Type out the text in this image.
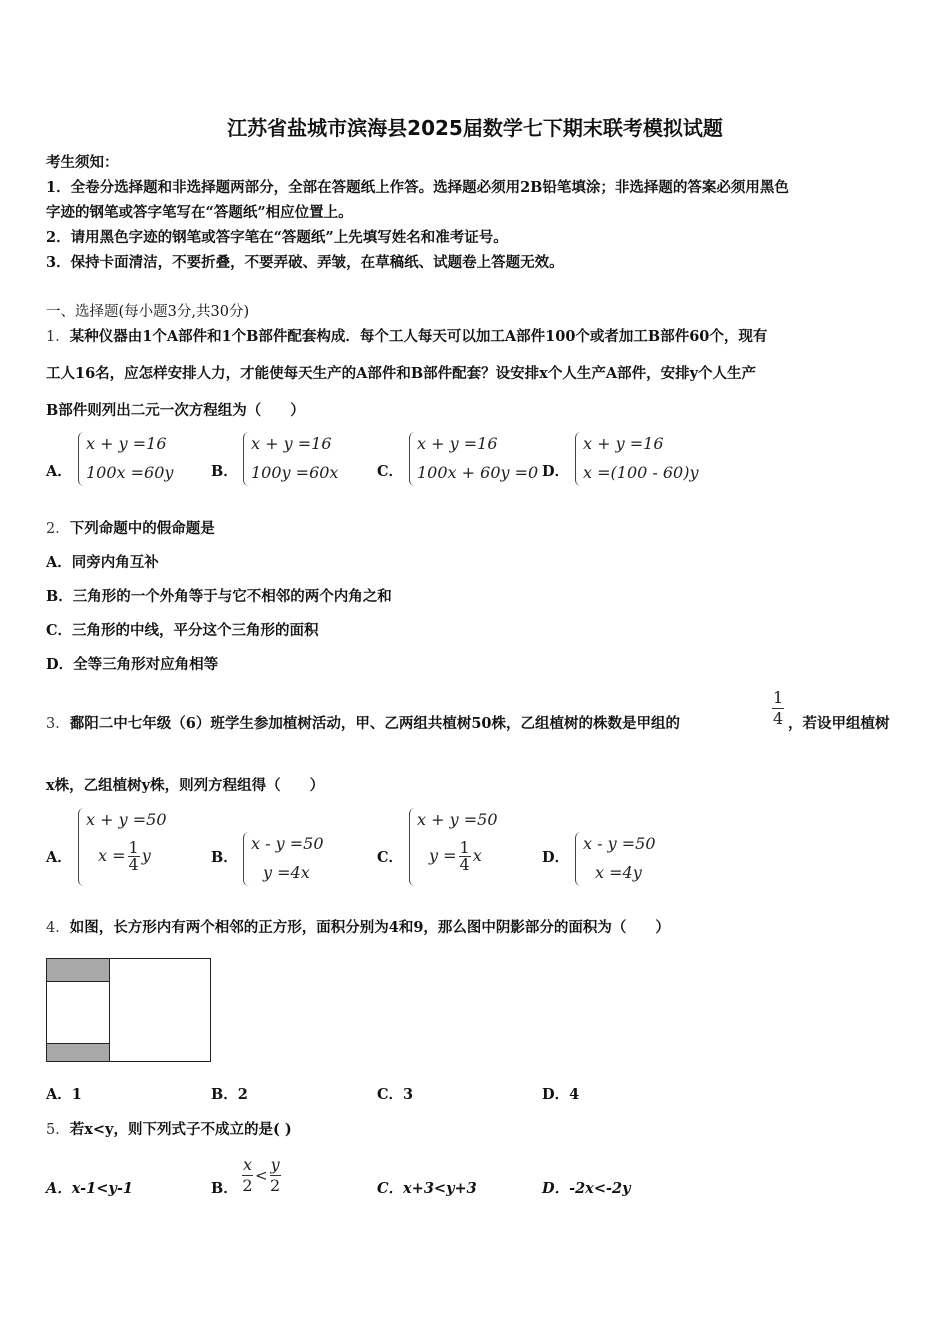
江苏省盐城市滨海县2025届数学七下期末联考模拟试题
考生须知：
1．全卷分选择题和非选择题两部分，全部在答题纸上作答。选择题必须用2B铅笔填涂；非选择题的答案必须用黑色
字迹的钢笔或答字笔写在“答题纸”相应位置上。
2．请用黑色字迹的钢笔或答字笔在“答题纸”上先填写姓名和准考证号。
3．保持卡面清洁，不要折叠，不要弄破、弄皱，在草稿纸、试题卷上答题无效。
一、选择题(每小题3分,共30分)
1．某种仪器由1个A部件和1个B部件配套构成．每个工人每天可以加工A部件100个或者加工B部件60个，现有
工人16名，应怎样安排人力，才能使每天生产的A部件和B部件配套？设安排x个人生产A部件，安排y个人生产
B部件则列出二元一次方程组为（　　）
A．
x + y =16
100x =60y	B．
x + y =16
100y =60x	C．
x + y =16
100x + 60y =0 D．
x + y =16
x =(100 - 60)y
2．下列命题中的假命题是
A．同旁内角互补
B．三角形的一个外角等于与它不相邻的两个内角之和
C．三角形的中线，平分这个三角形的面积
D．全等三角形对应角相等
3．鄱阳二中七年级（6）班学生参加植树活动，甲、乙两组共植树50株，乙组植树的株数是甲组的	$\frac{1}{4}$ ，若设甲组植树
x株，乙组植树y株，则列方程组得（　　）
A．
x + y =50
$x = \frac{1}{4}$ y	B．
x - y =50
y =4x
C．
x + y =50
$y = \frac{1}{4}$ x	D．
x - y =50
x =4y
4．如图，长方形内有两个相邻的正方形，面积分别为4和9，那么图中阴影部分的面积为（　　）
A．1	B．2	C．3	D．4
5．若x<y，则下列式子不成立的是( )
A．x-1<y-1	B． $\frac{x}{2} < \frac{y}{2}$	C．x+3<y+3	D．-2x<-2y
